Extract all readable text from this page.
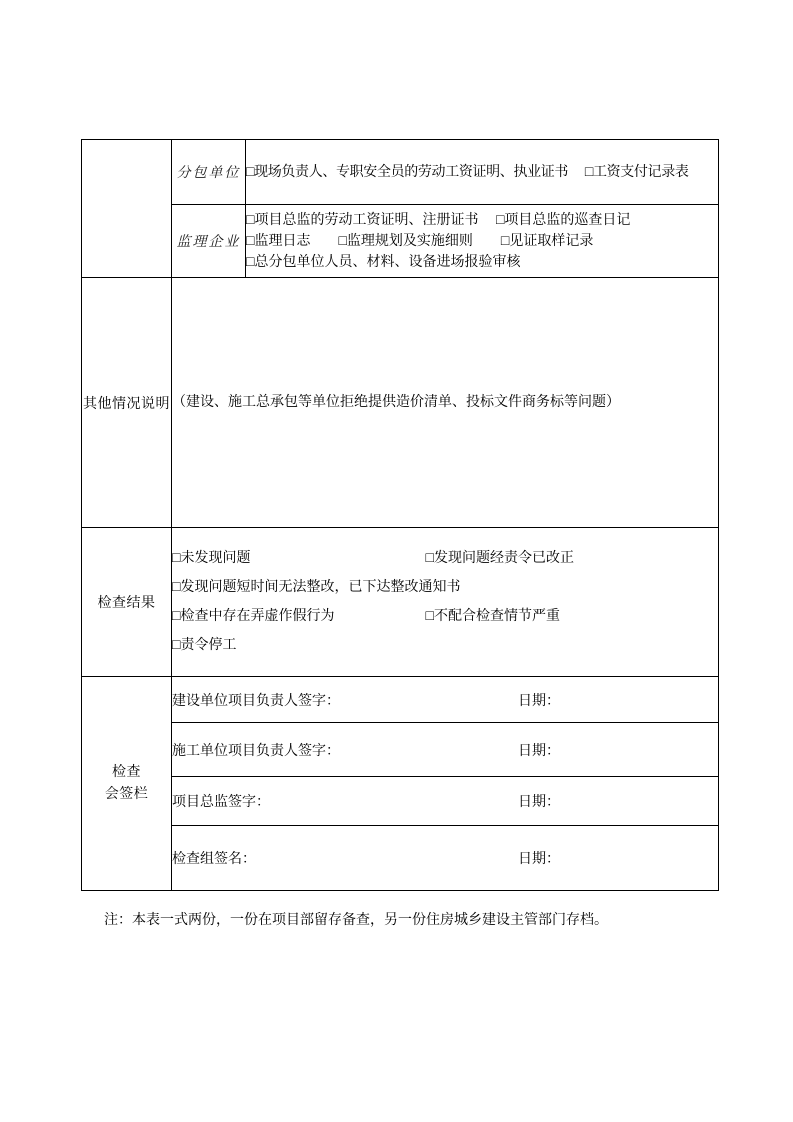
	分包单位	□现场负责人、专职安全员的劳动工资证明、执业证书　 □工资支付记录表

	监理企业	□项目总监的劳动工资证明、注册证书　 □项目总监的巡查日记
□监理日志　　□监理规划及实施细则　　□见证取样记录
□总分包单位人员、材料、设备进场报验审核

其他情况说明	（建设、施工总承包等单位拒绝提供造价清单、投标文件商务标等问题）	

检查结果	□未发现问题 □发现问题经责令已改正
□发现问题短时间无法整改，已下达整改通知书
□检查中存在弄虚作假行为 □不配合检查情节严重
□责令停工	

检查
会签栏	建设单位项目负责人签字： 日期：	
	施工单位项目负责人签字： 日期：	
	项目总监签字： 日期：	
	检查组签名： 日期：	
注：本表一式两份，一份在项目部留存备查，另一份住房城乡建设主管部门存档。
